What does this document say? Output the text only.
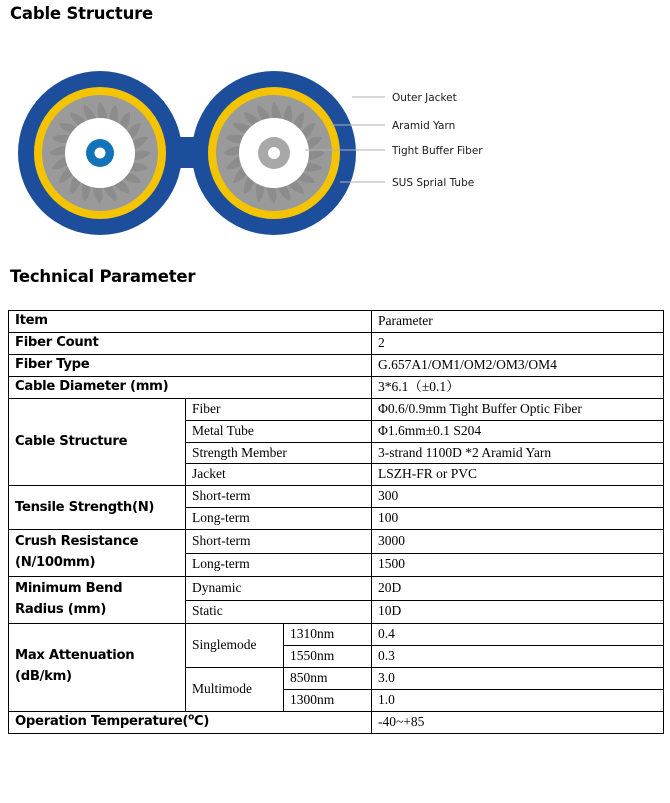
Cable Structure
Outer Jacket
Aramid Yarn
Tight Buffer Fiber
SUS Sprial Tube
Technical Parameter
Item			Parameter
Fiber Count			2
Fiber Type			G.657A1/OM1/OM2/OM3/OM4
Cable Diameter (mm)			3*6.1（±0.1）
Cable Structure	Fiber		Φ0.6/0.9mm Tight Buffer Optic Fiber
	Metal Tube		Φ1.6mm±0.1 S204
	Strength Member		3-strand 1100D *2 Aramid Yarn
	Jacket		LSZH-FR or PVC
Tensile Strength(N)	Short-term		300
	Long-term		100
Crush Resistance
(N/100mm)	Short-term		3000
	Long-term		1500
Minimum Bend
Radius (mm)	Dynamic		20D
	Static		10D
Max Attenuation
(dB/km)	Singlemode	1310nm	0.4
		1550nm	0.3
	Multimode	850nm	3.0
		1300nm	1.0
Operation Temperature($^o$C)			-40~+85
